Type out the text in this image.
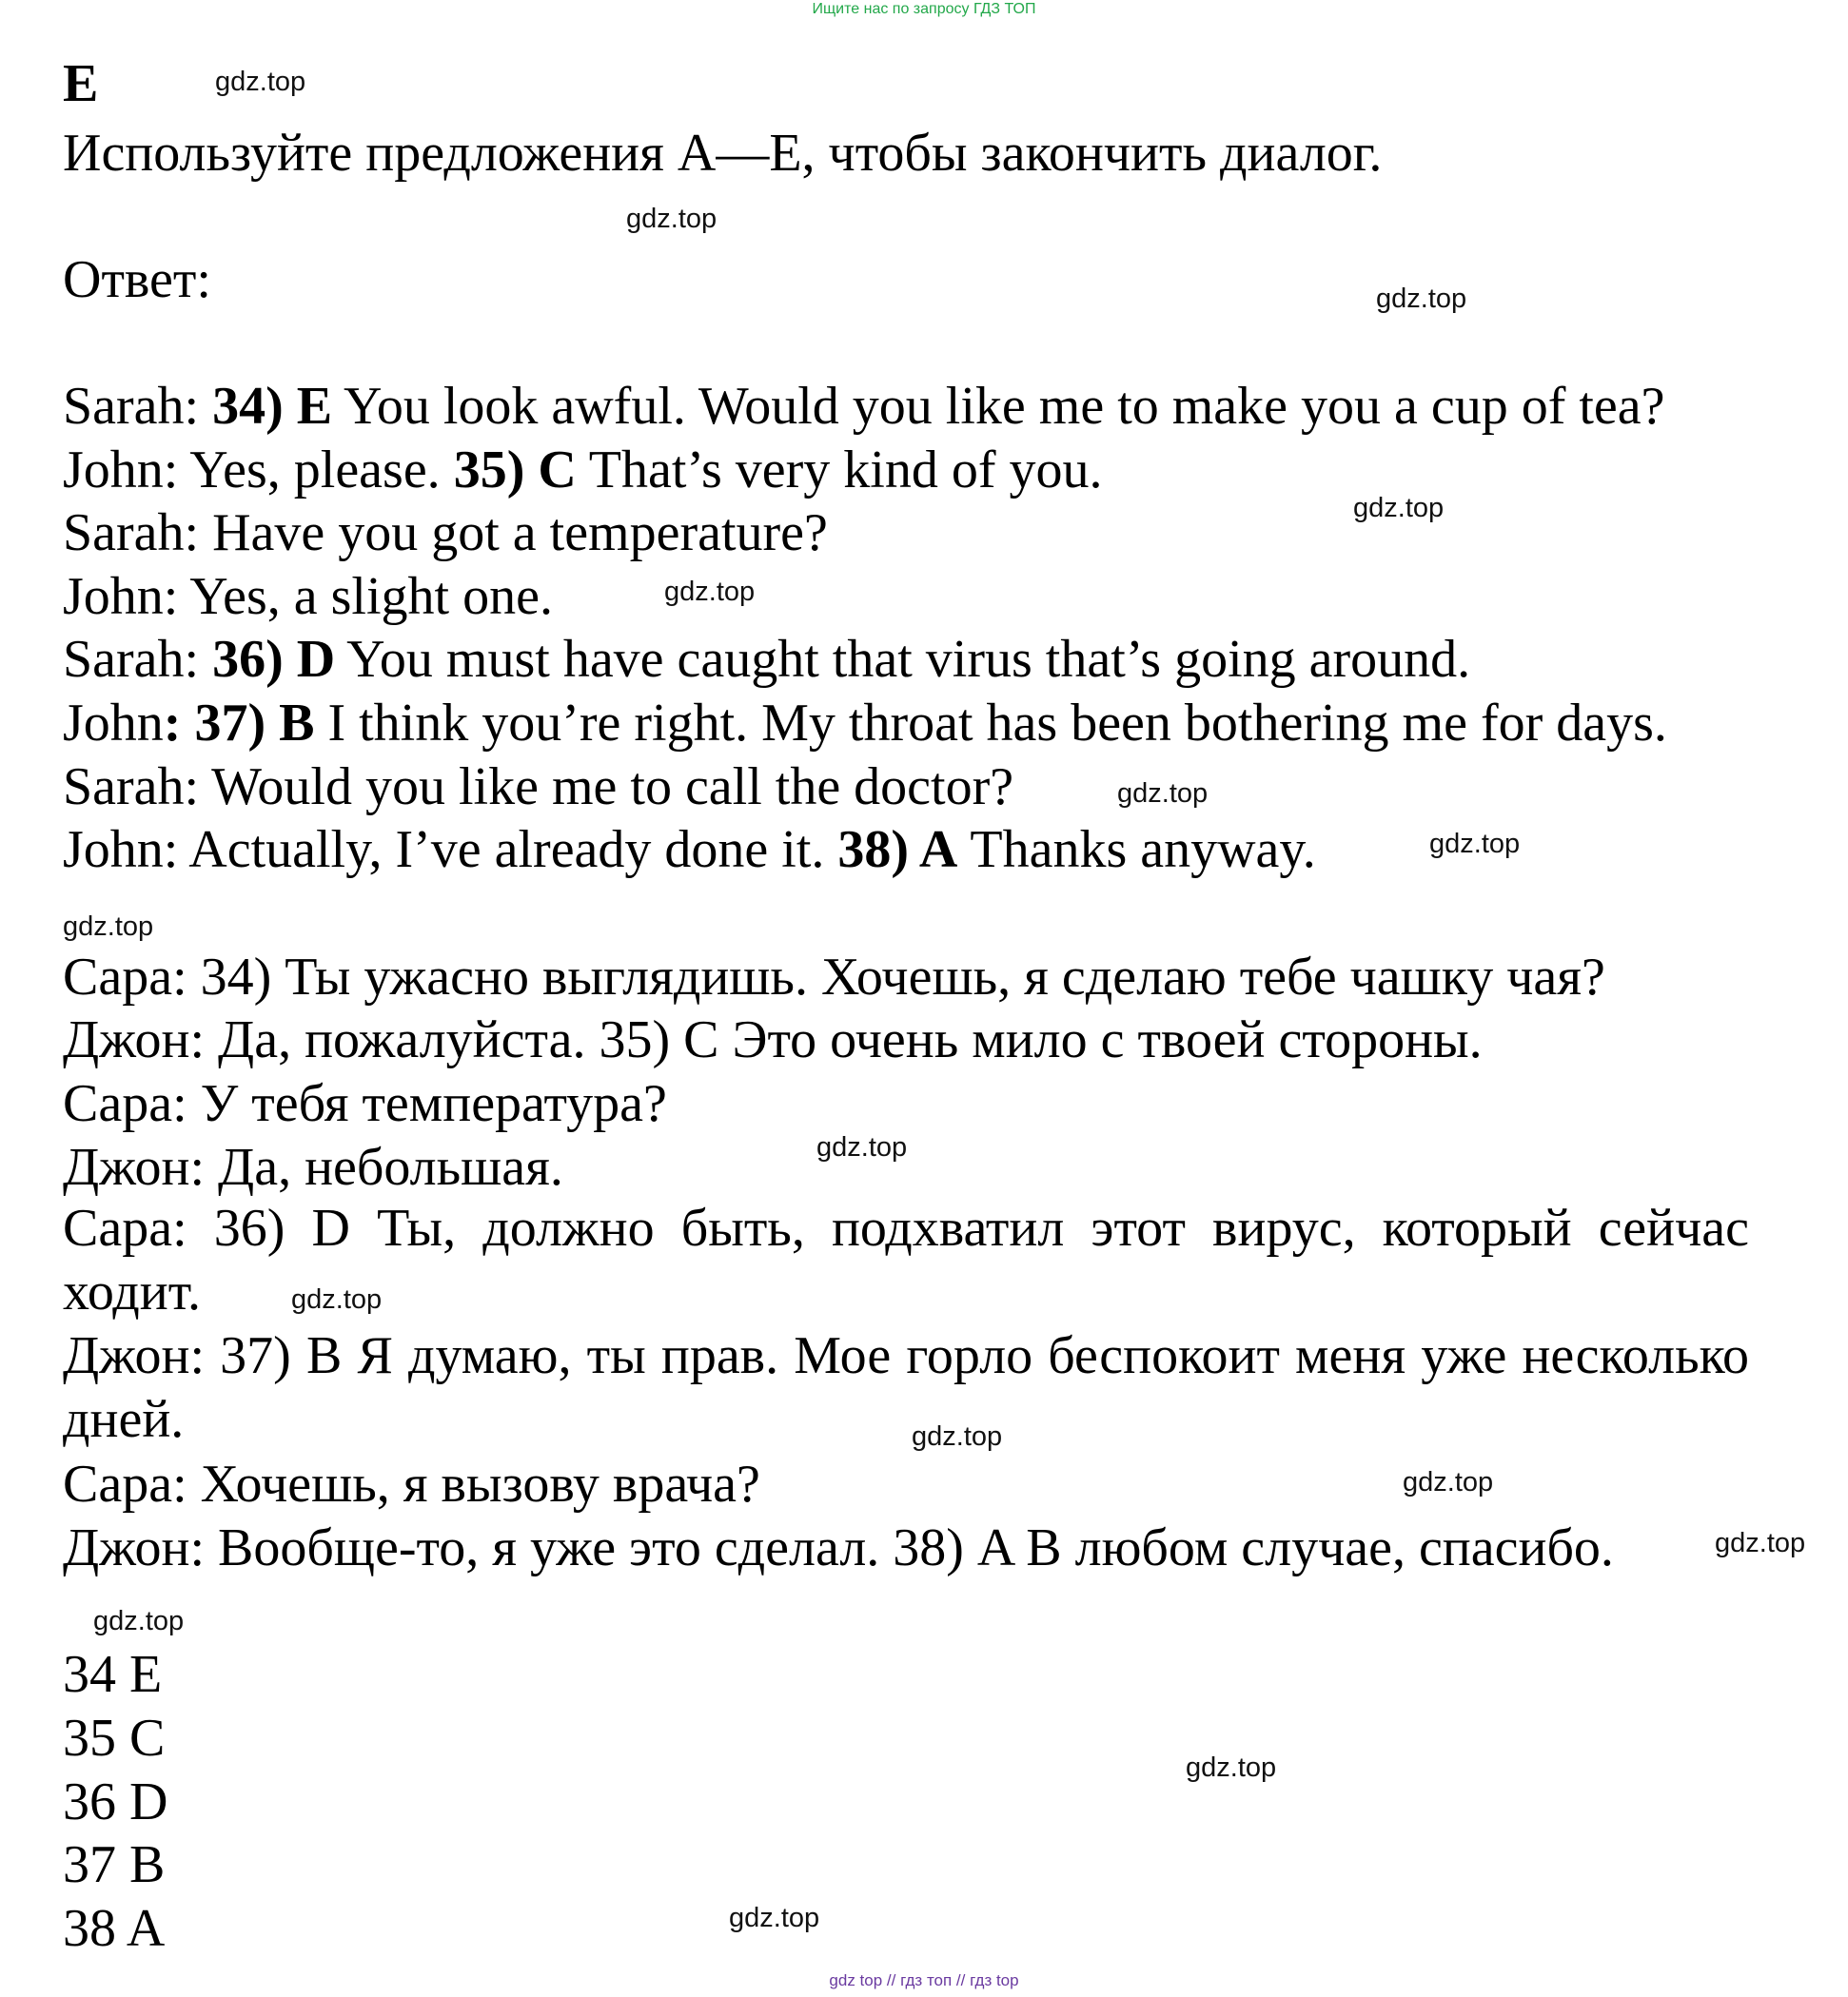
Ищите нас по запросу ГДЗ ТОП
E
Используйте предложения A—E, чтобы закончить диалог.
Ответ:
Sarah: 34) E You look awful. Would you like me to make you a cup of tea?
John: Yes, please. 35) C That’s very kind of you.
Sarah: Have you got a temperature?
John: Yes, a slight one.
Sarah: 36) D You must have caught that virus that’s going around.
John: 37) B I think you’re right. My throat has been bothering me for days.
Sarah: Would you like me to call the doctor?
John: Actually, I’ve already done it. 38) A Thanks anyway.
Сара: 34) Ты ужасно выглядишь. Хочешь, я сделаю тебе чашку чая?
Джон: Да, пожалуйста. 35) C Это очень мило с твоей стороны.
Сара: У тебя температура?
Джон: Да, небольшая.
Сара: 36) D Ты, должно быть, подхватил этот вирус, который сейчас ходит.
Джон: 37) B Я думаю, ты прав. Мое горло беспокоит меня уже несколько дней.
Сара: Хочешь, я вызову врача?
Джон: Вообще-то, я уже это сделал. 38) A В любом случае, спасибо.
34 E
35 C
36 D
37 B
38 A
gdz.top
gdz.top
gdz.top
gdz.top
gdz.top
gdz.top
gdz.top
gdz.top
gdz.top
gdz.top
gdz.top
gdz.top
gdz.top
gdz.top
gdz.top
gdz.top
gdz top // гдз топ // гдз top
